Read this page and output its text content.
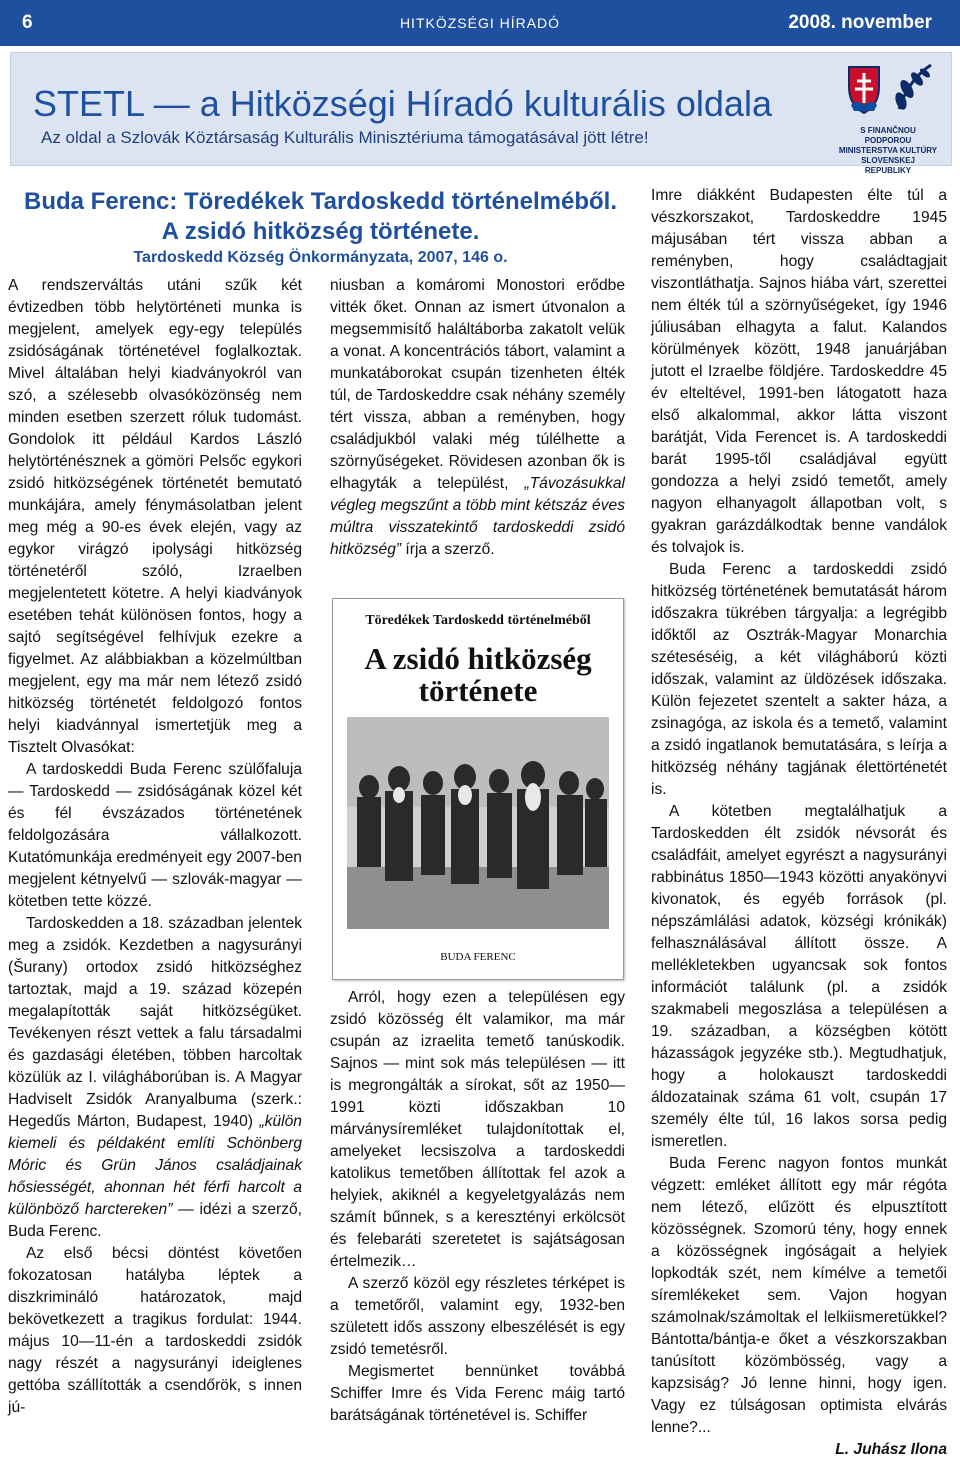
6	HITKÖZSÉGI HÍRADÓ	2008. november
STETL — a Hitközségi Híradó kulturális oldala
Az oldal a Szlovák Köztársaság Kulturális Minisztériuma támogatásával jött létre!	S FINANČNOU PODPOROU
MINISTERSTVA KULTÚRY
SLOVENSKEJ REPUBLIKY
Buda Ferenc: Töredékek Tardoskedd történelméből.
A zsidó hitközség története.
Tardoskedd Község Önkormányzata, 2007, 146 o.

A rendszerváltás utáni szűk két évtizedben több helytörténeti munka is megjelent, amelyek egy-egy település zsidóságának történetével foglalkoztak. Mivel általában helyi kiadványokról van szó, a szélesebb olvasóközönség nem minden esetben szerzett róluk tudomást. Gondolok itt például Kardos László helytörténésznek a gömöri Pelsőc egykori zsidó hitközségének történetét bemutató munkájára, amely fénymásolatban jelent meg még a 90-es évek elején, vagy az egykor virágzó ipolysági hitközség történetéről szóló, Izraelben megjelentetett kötetre. A helyi kiadványok esetében tehát különösen fontos, hogy a sajtó segítségével felhívjuk ezekre a figyelmet. Az alábbiakban a közelmúltban megjelent, egy ma már nem létező zsidó hitközség történetét feldolgozó fontos helyi kiadvánnyal ismertetjük meg a Tisztelt Olvasókat:

A tardoskeddi Buda Ferenc szülőfaluja — Tardoskedd — zsidóságának közel két és fél évszázados történetének feldolgozására vállalkozott. Kutatómunkája eredményeit egy 2007-ben megjelent kétnyelvű — szlovák-magyar — kötetben tette közzé.

Tardoskedden a 18. században jelentek meg a zsidók. Kezdetben a nagysurányi (Šurany) ortodox zsidó hitközséghez tartoztak, majd a 19. század közepén megalapították saját hitközségüket. Tevékenyen részt vettek a falu társadalmi és gazdasági életében, többen harcoltak közülük az I. világháborúban is. A Magyar Hadviselt Zsidók Aranyalbuma (szerk.: Hegedűs Márton, Budapest, 1940) „külön kiemeli és példaként említi Schönberg Móric és Grün János családjainak hősiességét, ahonnan hét férfi harcolt a különböző harctereken” — idézi a szerző, Buda Ferenc.

Az első bécsi döntést követően fokozatosan hatályba léptek a diszkrimináló határozatok, majd bekövetkezett a tragikus fordulat: 1944. május 10—11-én a tardoskeddi zsidók nagy részét a nagysurányi ideiglenes gettóba szállították a csendőrök, s innen jú-

niusban a komáromi Monostori erődbe vitték őket. Onnan az ismert útvonalon a megsemmisítő haláltáborba zakatolt velük a vonat. A koncentrációs tábort, valamint a munkatáborokat csupán tizenheten élték túl, de Tardoskeddre csak néhány személy tért vissza, abban a reményben, hogy családjukból valaki még túlélhette a szörnyűségeket. Rövidesen azonban ők is elhagyták a települést, „Távozásukkal végleg megszűnt a több mint kétszáz éves múltra visszatekintő tardoskeddi zsidó hitközség” írja a szerző.

Töredékek Tardoskedd történelméből
A zsidó hitközség története
BUDA FERENC

Arról, hogy ezen a településen egy zsidó közösség élt valamikor, ma már csupán az izraelita temető tanúskodik. Sajnos — mint sok más településen — itt is megrongálták a sírokat, sőt az 1950—1991 közti időszakban 10 márványsíremléket tulajdonítottak el, amelyeket lecsiszolva a tardoskeddi katolikus temetőben állítottak fel azok a helyiek, akiknél a kegyeletgyalázás nem számít bűnnek, s a keresztényi erkölcsöt és felebaráti szeretetet is sajátságosan értelmezik…

A szerző közöl egy részletes térképet is a temetőről, valamint egy, 1932-ben született idős asszony elbeszélését is egy zsidó temetésről.

Megismertet bennünket továbbá Schiffer Imre és Vida Ferenc máig tartó barátságának történetével is. Schiffer

Imre diákként Budapesten élte túl a vészkorszakot, Tardoskeddre 1945 májusában tért vissza abban a reményben, hogy családtagjait viszontláthatja. Sajnos hiába várt, szerettei nem élték túl a szörnyűségeket, így 1946 júliusában elhagyta a falut. Kalandos körülmények között, 1948 januárjában jutott el Izraelbe földjére. Tardoskeddre 45 év elteltével, 1991-ben látogatott haza első alkalommal, akkor látta viszont barátját, Vida Ferencet is. A tardoskeddi barát 1995-től családjával együtt gondozza a helyi zsidó temetőt, amely nagyon elhanyagolt állapotban volt, s gyakran garázdálkodtak benne vandálok és tolvajok is.

Buda Ferenc a tardoskeddi zsidó hitközség történetének bemutatását három időszakra tükrében tárgyalja: a legrégibb időktől az Osztrák-Magyar Monarchia széteséséig, a két világháború közti időszak, valamint az üldözések időszaka. Külön fejezetet szentelt a sakter háza, a zsinagóga, az iskola és a temető, valamint a zsidó ingatlanok bemutatására, s leírja a hitközség néhány tagjának élettörténetét is.

A kötetben megtalálhatjuk a Tardoskedden élt zsidók névsorát és családfáit, amelyet egyrészt a nagysurányi rabbinátus 1850—1943 közötti anyakönyvi kivonatok, és egyéb források (pl. népszámlálási adatok, községi krónikák) felhasználásával állított össze. A mellékletekben ugyancsak sok fontos információt találunk (pl. a zsidók szakmabeli megoszlása a településen a 19. században, a községben kötött házasságok jegyzéke stb.). Megtudhatjuk, hogy a holokauszt tardoskeddi áldozatainak száma 61 volt, csupán 17 személy élte túl, 16 lakos sorsa pedig ismeretlen.

Buda Ferenc nagyon fontos munkát végzett: emléket állított egy már régóta nem létező, elűzött és elpusztított közösségnek. Szomorú tény, hogy ennek a közösségnek ingóságait a helyiek lopkodták szét, nem kímélve a temetői síremlékeket sem. Vajon hogyan számolnak/számoltak el lelkiismeretükkel? Bántotta/bántja-e őket a vészkorszakban tanúsított közömbösség, vagy a kapzsiság? Jó lenne hinni, hogy igen. Vagy ez túlságosan optimista elvárás lenne?...

L. Juhász Ilona
